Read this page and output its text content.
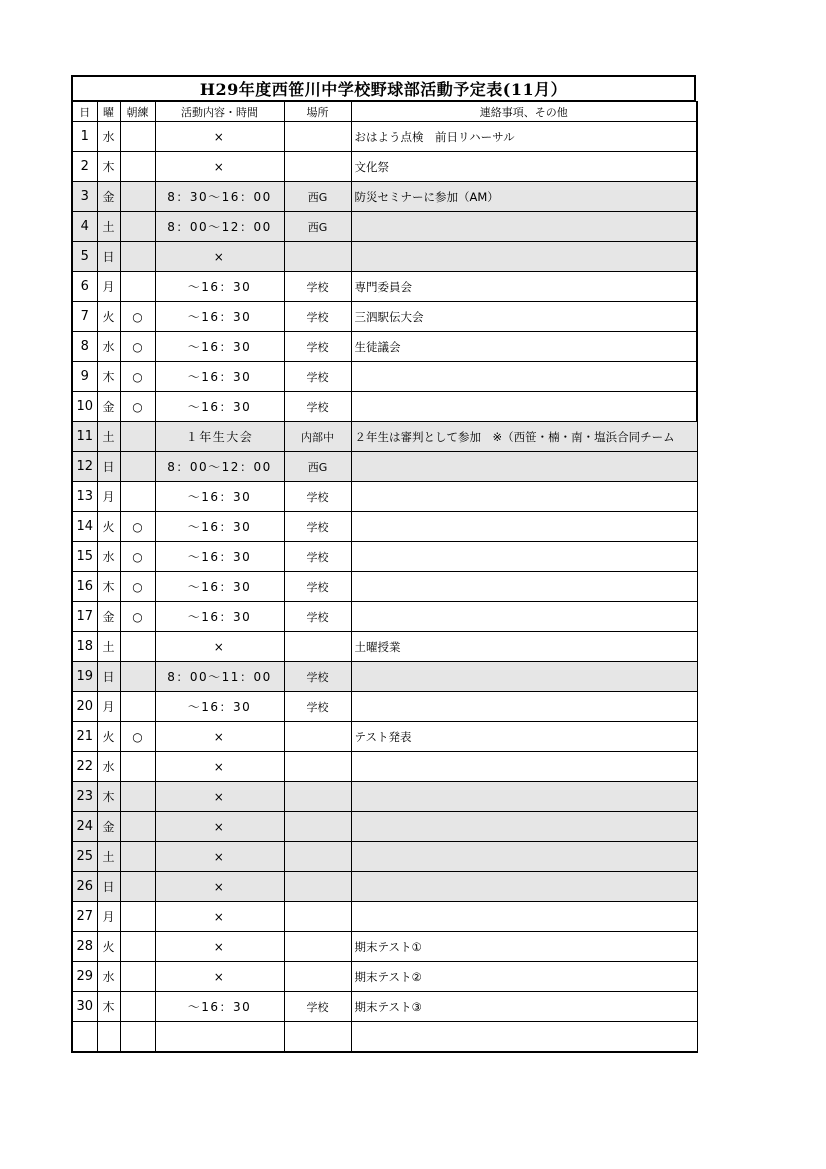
H29年度西笹川中学校野球部活動予定表(11月）
日	曜	朝練	活動内容・時間	場所	連絡事項、その他
1	水		×		おはよう点検　前日リハーサル
2	木		×		文化祭
3	金		8：30～16：00	西G	防災セミナーに参加（AM）
4	土		8：00～12：00	西G	
5	日		×		
6	月		～16：30	学校	専門委員会
7	火	○	～16：30	学校	三泗駅伝大会
8	水	○	～16：30	学校	生徒議会
9	木	○	～16：30	学校	
10	金	○	～16：30	学校	
11	土		１年生大会	内部中	２年生は審判として参加　※（西笹・楠・南・塩浜合同チーム
12	日		8：00～12：00	西G	
13	月		～16：30	学校	
14	火	○	～16：30	学校	
15	水	○	～16：30	学校	
16	木	○	～16：30	学校	
17	金	○	～16：30	学校	
18	土		×		土曜授業
19	日		8：00～11：00	学校	
20	月		～16：30	学校	
21	火	○	×		テスト発表
22	水		×		
23	木		×		
24	金		×		
25	土		×		
26	日		×		
27	月		×		
28	火		×		期末テスト①
29	水		×		期末テスト②
30	木		～16：30	学校	期末テスト③
